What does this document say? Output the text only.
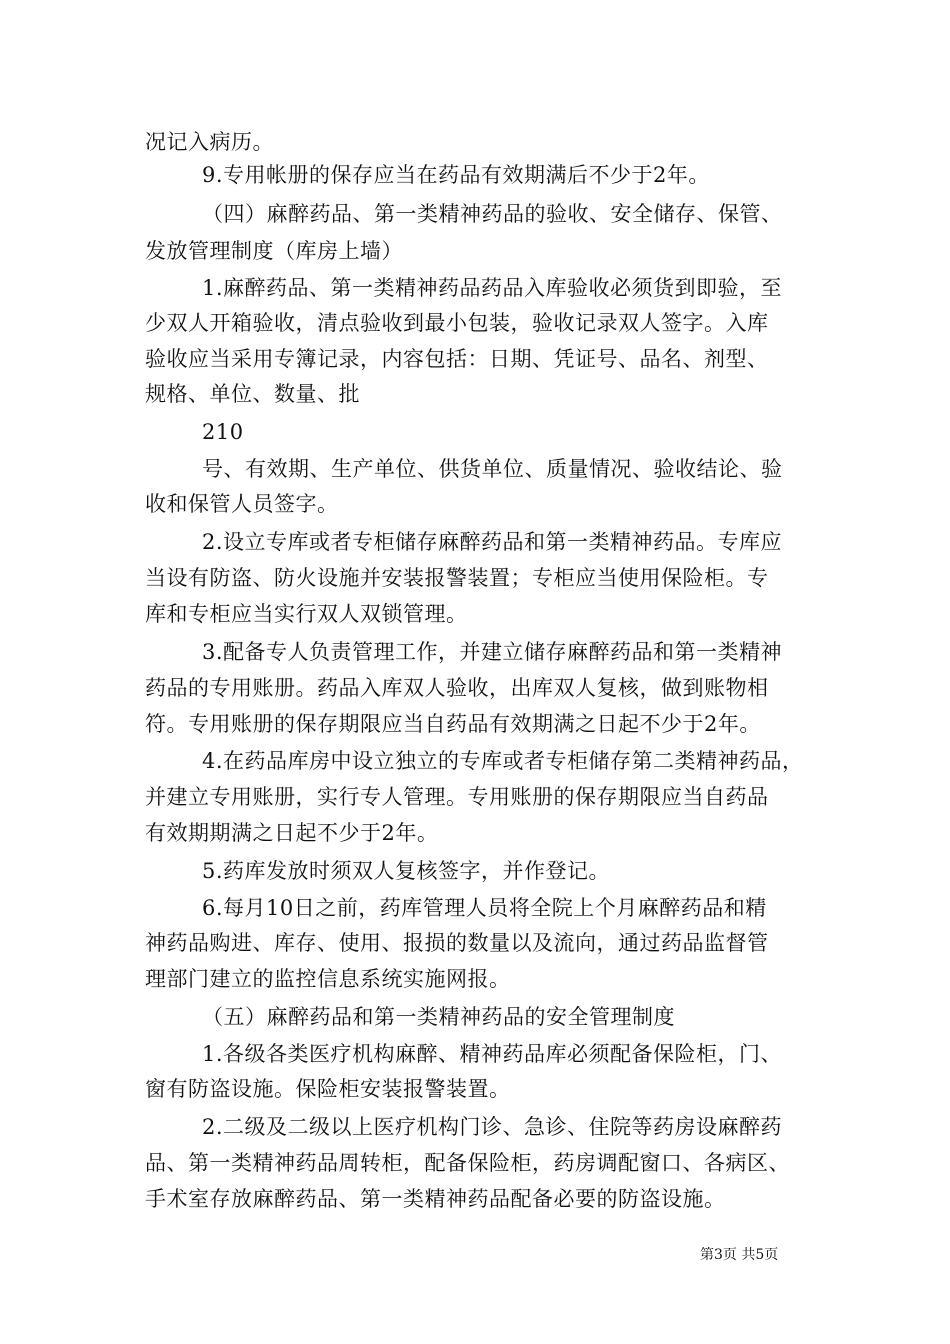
况记入病历。
9.专用帐册的保存应当在药品有效期满后不少于2年。
（四）麻醉药品、第一类精神药品的验收、安全储存、保管、
发放管理制度（库房上墙）
1.麻醉药品、第一类精神药品药品入库验收必须货到即验，至
少双人开箱验收，清点验收到最小包装，验收记录双人签字。入库
验收应当采用专簿记录，内容包括：日期、凭证号、品名、剂型、
规格、单位、数量、批
210
号、有效期、生产单位、供货单位、质量情况、验收结论、验
收和保管人员签字。
2.设立专库或者专柜储存麻醉药品和第一类精神药品。专库应
当设有防盗、防火设施并安装报警装置；专柜应当使用保险柜。专
库和专柜应当实行双人双锁管理。
3.配备专人负责管理工作，并建立储存麻醉药品和第一类精神
药品的专用账册。药品入库双人验收，出库双人复核，做到账物相
符。专用账册的保存期限应当自药品有效期满之日起不少于2年。
4.在药品库房中设立独立的专库或者专柜储存第二类精神药品，
并建立专用账册，实行专人管理。专用账册的保存期限应当自药品
有效期期满之日起不少于2年。
5.药库发放时须双人复核签字，并作登记。
6.每月10日之前，药库管理人员将全院上个月麻醉药品和精
神药品购进、库存、使用、报损的数量以及流向，通过药品监督管
理部门建立的监控信息系统实施网报。
（五）麻醉药品和第一类精神药品的安全管理制度
1.各级各类医疗机构麻醉、精神药品库必须配备保险柜，门、
窗有防盗设施。保险柜安装报警装置。
2.二级及二级以上医疗机构门诊、急诊、住院等药房设麻醉药
品、第一类精神药品周转柜，配备保险柜，药房调配窗口、各病区、
手术室存放麻醉药品、第一类精神药品配备必要的防盗设施。
第3页 共5页
